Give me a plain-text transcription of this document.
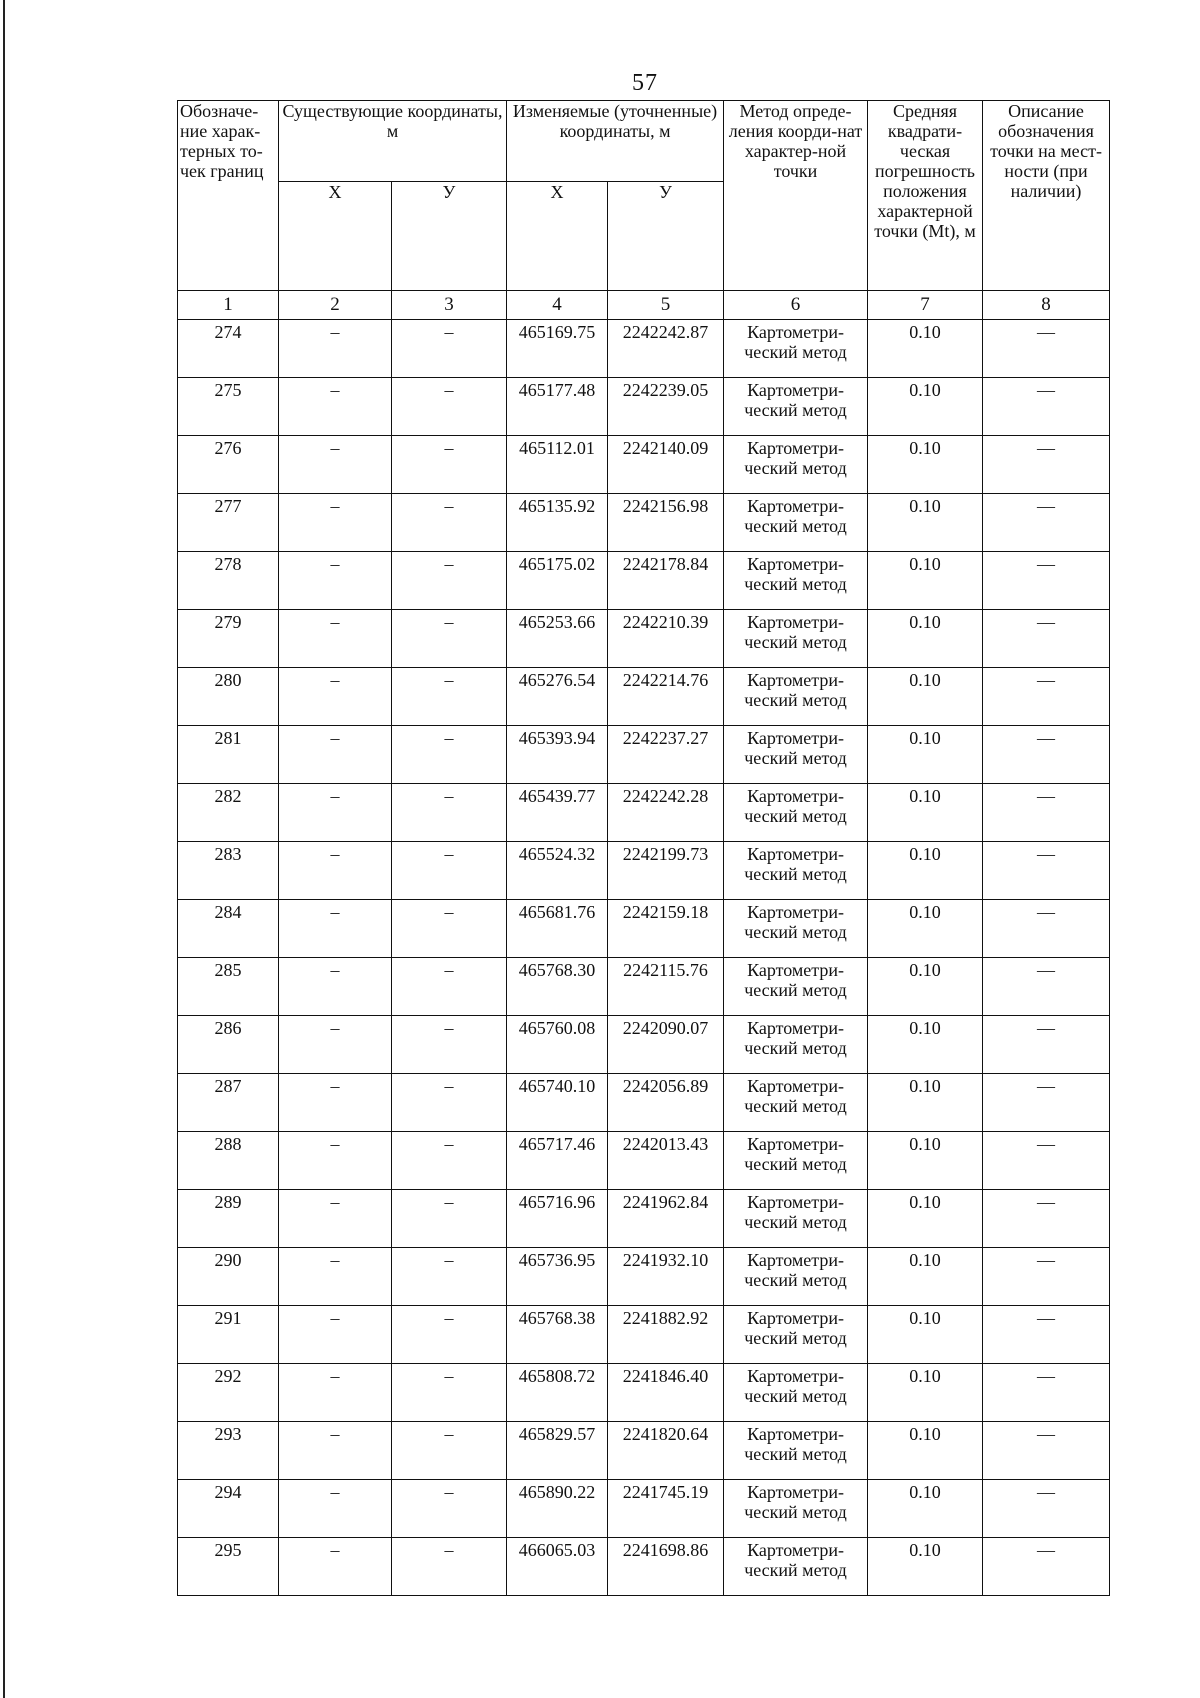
57
Обозначе-ние харак-терных то-чек границ	Существующие координаты, м		Изменяемые (уточненные) координаты, м		Метод опреде-ления коорди-нат характер-ной точки	Средняя квадрати-ческая погрешность положения характерной точки (Mt), м	Описание обозначения точки на мест-ности (при наличии)
	X	У	X	У			
1	2	3	4	5	6	7	8
274	–	–	465169.75	2242242.87	Картометри-ческий метод	0.10	—
275	–	–	465177.48	2242239.05	Картометри-ческий метод	0.10	—
276	–	–	465112.01	2242140.09	Картометри-ческий метод	0.10	—
277	–	–	465135.92	2242156.98	Картометри-ческий метод	0.10	—
278	–	–	465175.02	2242178.84	Картометри-ческий метод	0.10	—
279	–	–	465253.66	2242210.39	Картометри-ческий метод	0.10	—
280	–	–	465276.54	2242214.76	Картометри-ческий метод	0.10	—
281	–	–	465393.94	2242237.27	Картометри-ческий метод	0.10	—
282	–	–	465439.77	2242242.28	Картометри-ческий метод	0.10	—
283	–	–	465524.32	2242199.73	Картометри-ческий метод	0.10	—
284	–	–	465681.76	2242159.18	Картометри-ческий метод	0.10	—
285	–	–	465768.30	2242115.76	Картометри-ческий метод	0.10	—
286	–	–	465760.08	2242090.07	Картометри-ческий метод	0.10	—
287	–	–	465740.10	2242056.89	Картометри-ческий метод	0.10	—
288	–	–	465717.46	2242013.43	Картометри-ческий метод	0.10	—
289	–	–	465716.96	2241962.84	Картометри-ческий метод	0.10	—
290	–	–	465736.95	2241932.10	Картометри-ческий метод	0.10	—
291	–	–	465768.38	2241882.92	Картометри-ческий метод	0.10	—
292	–	–	465808.72	2241846.40	Картометри-ческий метод	0.10	—
293	–	–	465829.57	2241820.64	Картометри-ческий метод	0.10	—
294	–	–	465890.22	2241745.19	Картометри-ческий метод	0.10	—
295	–	–	466065.03	2241698.86	Картометри-ческий метод	0.10	—
